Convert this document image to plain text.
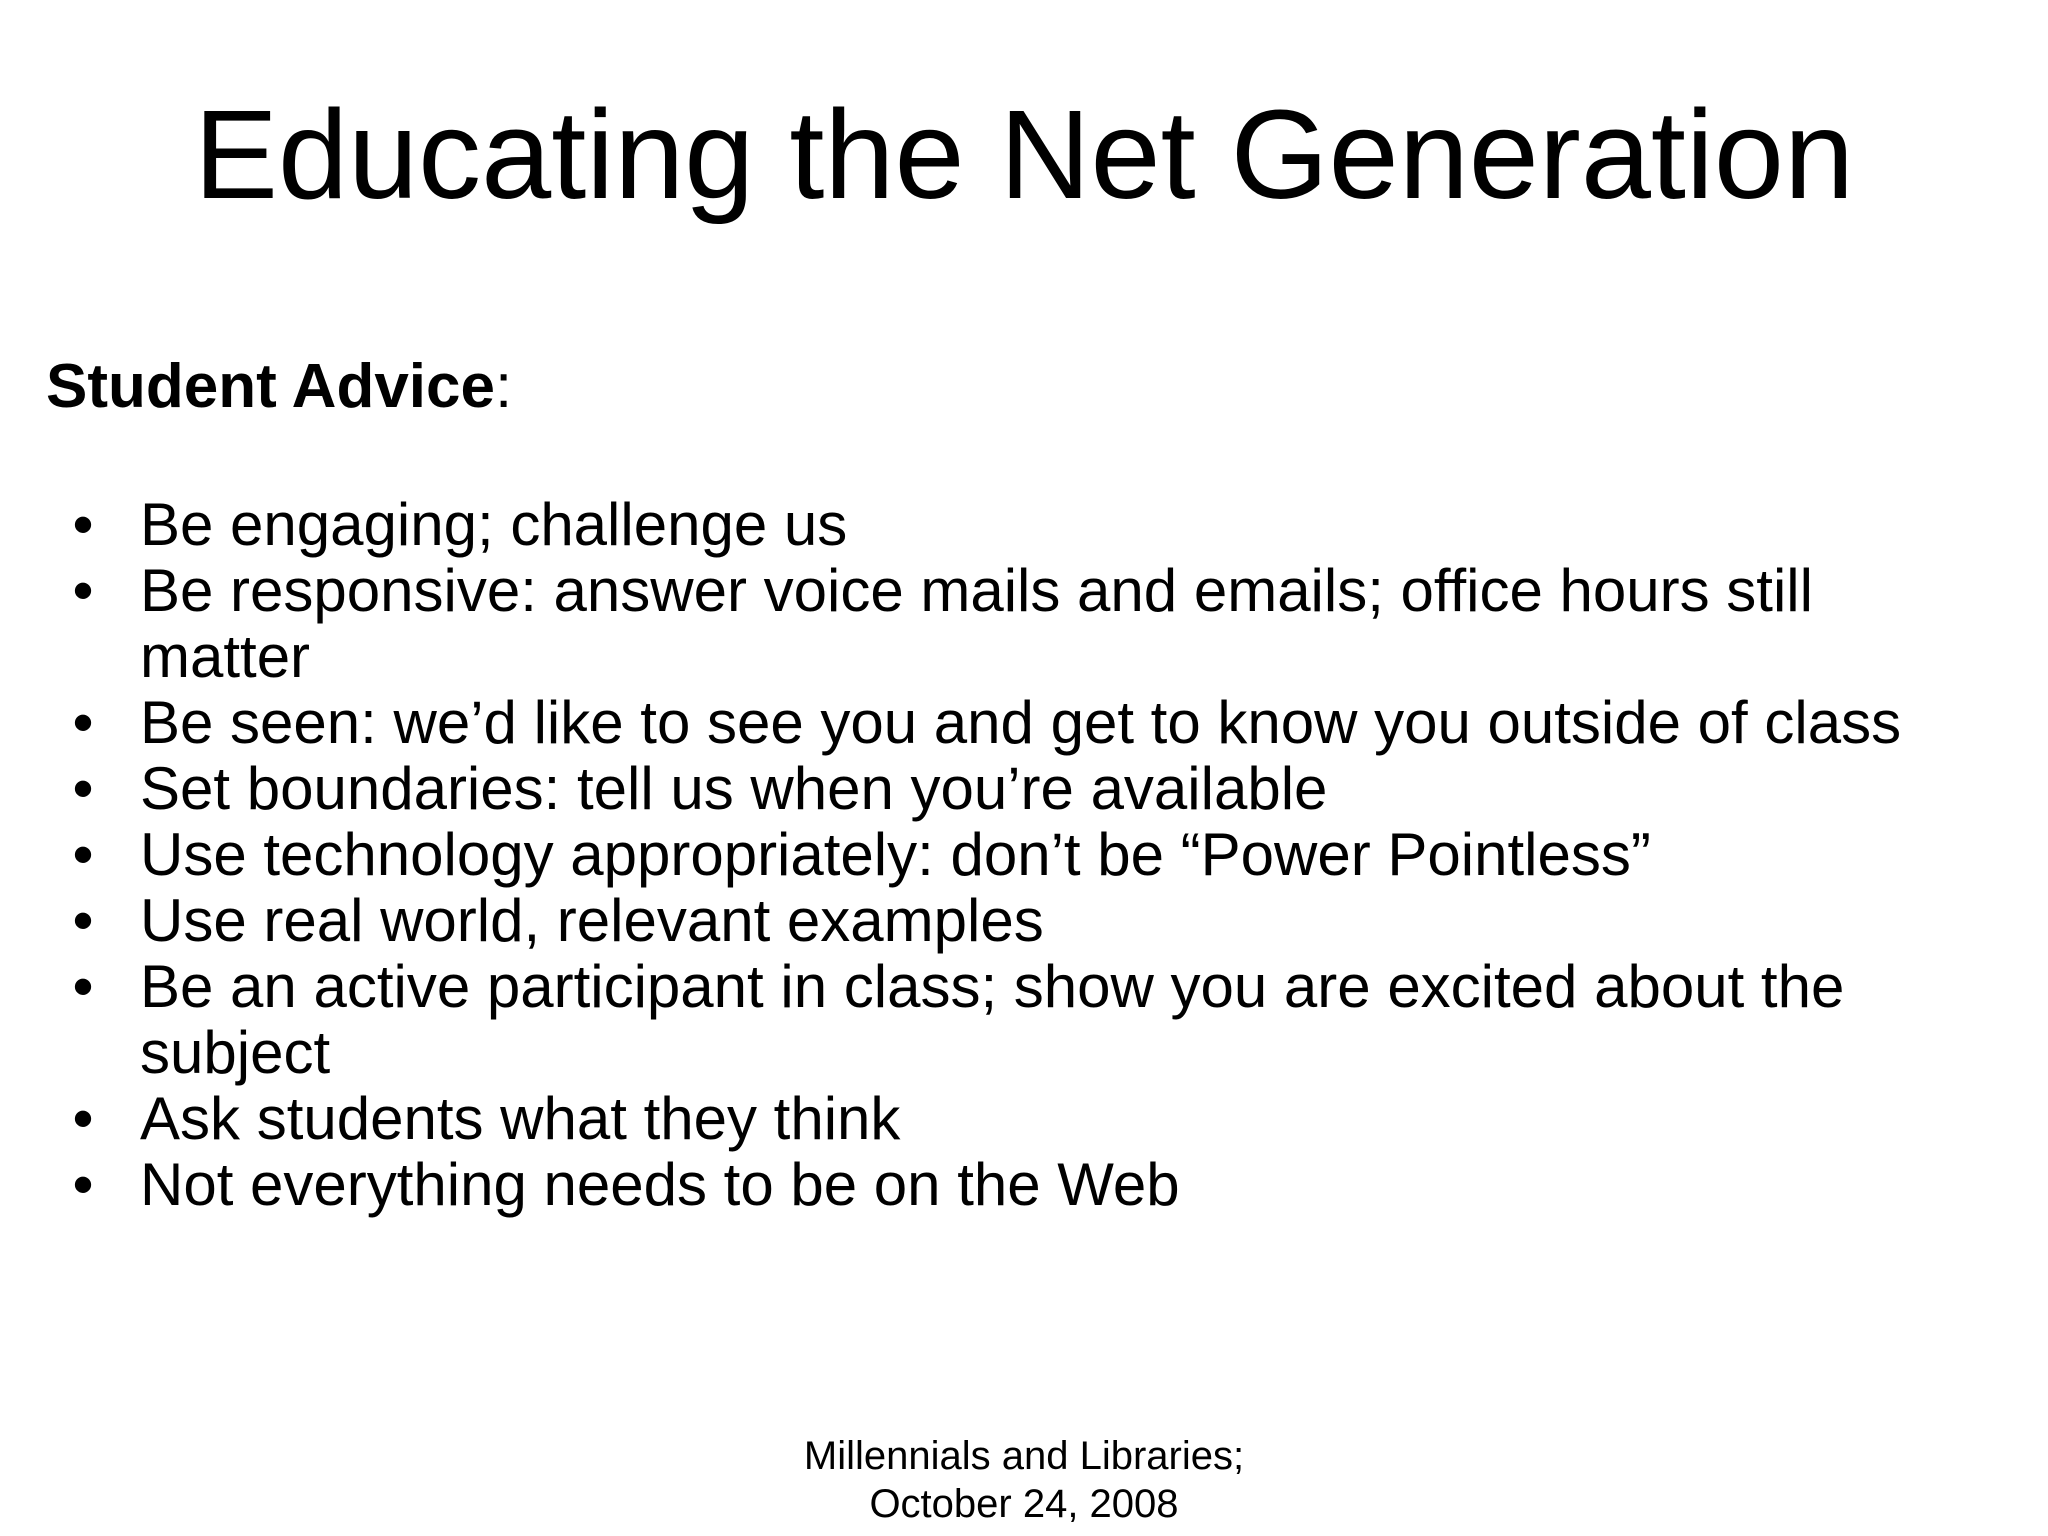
Educating the Net Generation

Student Advice:

• Be engaging; challenge us
• Be responsive: answer voice mails and emails; office hours still matter
• Be seen: we’d like to see you and get to know you outside of class
• Set boundaries: tell us when you’re available
• Use technology appropriately: don’t be “Power Pointless”
• Use real world, relevant examples
• Be an active participant in class; show you are excited about the subject
• Ask students what they think
• Not everything needs to be on the Web
Millennials and Libraries;
October 24, 2008
